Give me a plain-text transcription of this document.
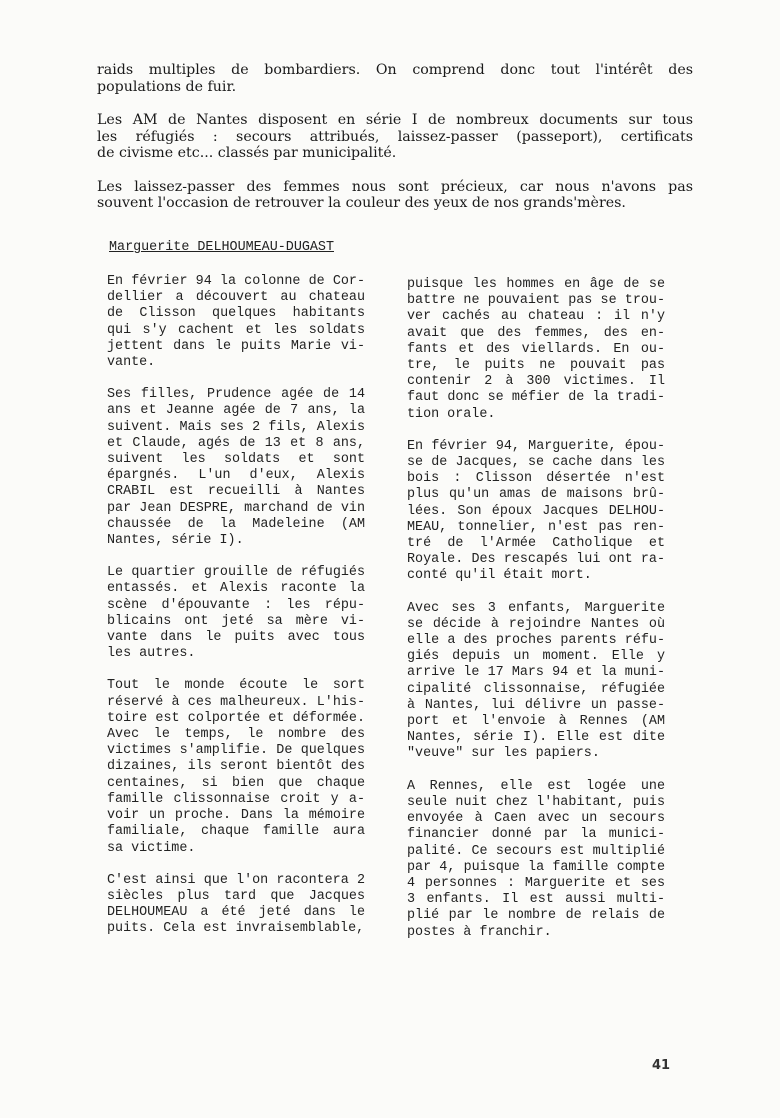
raids multiples de bombardiers. On comprend donc tout l'intérêt des
populations de fuir.

Les AM de Nantes disposent en série I de nombreux documents sur tous
les réfugiés : secours attribués, laissez-passer (passeport), certificats
de civisme etc... classés par municipalité.

Les laissez-passer des femmes nous sont précieux, car nous n'avons pas
souvent l'occasion de retrouver la couleur des yeux de nos grands'mères.

Marguerite DELHOUMEAU-DUGAST

En février 94 la colonne de Cor-
dellier a découvert au chateau
de Clisson quelques habitants
qui s'y cachent et les soldats
jettent dans le puits Marie vi-
vante.

Ses filles, Prudence agée de 14
ans et Jeanne agée de 7 ans, la
suivent. Mais ses 2 fils, Alexis
et Claude, agés de 13 et 8 ans,
suivent les soldats et sont
épargnés. L'un d'eux, Alexis
CRABIL est recueilli à Nantes
par Jean DESPRE, marchand de vin
chaussée de la Madeleine (AM
Nantes, série I).

Le quartier grouille de réfugiés
entassés. et Alexis raconte la
scène d'épouvante : les répu-
blicains ont jeté sa mère vi-
vante dans le puits avec tous
les autres.

Tout le monde écoute le sort
réservé à ces malheureux. L'his-
toire est colportée et déformée.
Avec le temps, le nombre des
victimes s'amplifie. De quelques
dizaines, ils seront bientôt des
centaines, si bien que chaque
famille clissonnaise croit y a-
voir un proche. Dans la mémoire
familiale, chaque famille aura
sa victime.

C'est ainsi que l'on racontera 2
siècles plus tard que Jacques
DELHOUMEAU a été jeté dans le
puits. Cela est invraisemblable,

puisque les hommes en âge de se
battre ne pouvaient pas se trou-
ver cachés au chateau : il n'y
avait que des femmes, des en-
fants et des viellards. En ou-
tre, le puits ne pouvait pas
contenir 2 à 300 victimes. Il
faut donc se méfier de la tradi-
tion orale.

En février 94, Marguerite, épou-
se de Jacques, se cache dans les
bois : Clisson désertée n'est
plus qu'un amas de maisons brû-
lées. Son époux Jacques DELHOU-
MEAU, tonnelier, n'est pas ren-
tré de l'Armée Catholique et
Royale. Des rescapés lui ont ra-
conté qu'il était mort.

Avec ses 3 enfants, Marguerite
se décide à rejoindre Nantes où
elle a des proches parents réfu-
giés depuis un moment. Elle y
arrive le 17 Mars 94 et la muni-
cipalité clissonnaise, réfugiée
à Nantes, lui délivre un passe-
port et l'envoie à Rennes (AM
Nantes, série I). Elle est dite
"veuve" sur les papiers.

A Rennes, elle est logée une
seule nuit chez l'habitant, puis
envoyée à Caen avec un secours
financier donné par la munici-
palité. Ce secours est multiplié
par 4, puisque la famille compte
4 personnes : Marguerite et ses
3 enfants. Il est aussi multi-
plié par le nombre de relais de
postes à franchir.

41
